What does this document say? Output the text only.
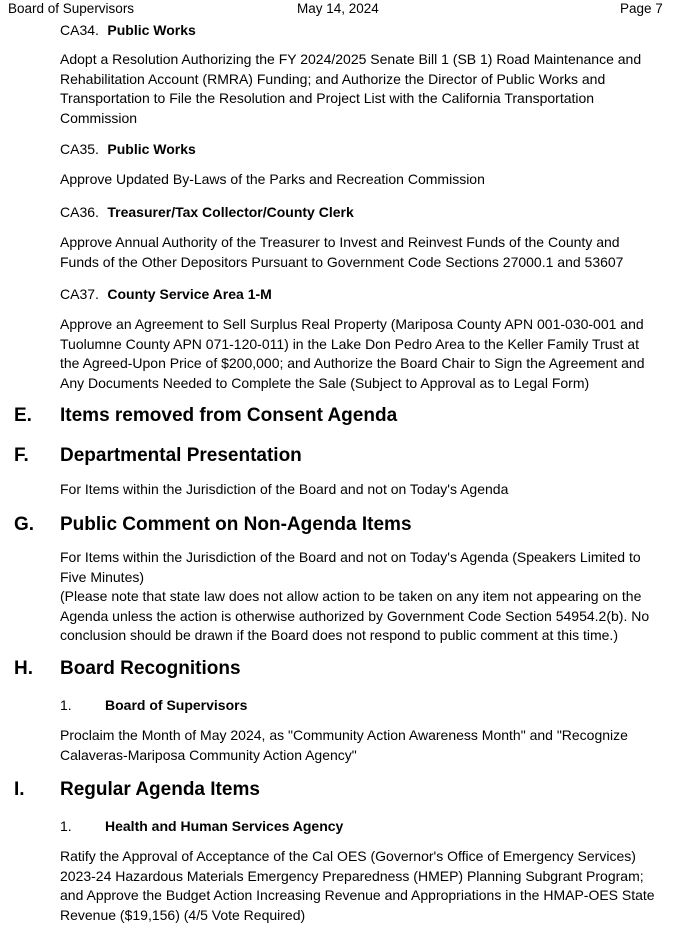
Board of Supervisors	May 14, 2024	Page 7
CA34. Public Works
Adopt a Resolution Authorizing the FY 2024/2025 Senate Bill 1 (SB 1) Road Maintenance and Rehabilitation Account (RMRA) Funding; and Authorize the Director of Public Works and Transportation to File the Resolution and Project List with the California Transportation Commission
CA35. Public Works
Approve Updated By-Laws of the Parks and Recreation Commission
CA36. Treasurer/Tax Collector/County Clerk
Approve Annual Authority of the Treasurer to Invest and Reinvest Funds of the County and Funds of the Other Depositors Pursuant to Government Code Sections 27000.1 and 53607
CA37. County Service Area 1-M
Approve an Agreement to Sell Surplus Real Property (Mariposa County APN 001-030-001 and Tuolumne County APN 071-120-011) in the Lake Don Pedro Area to the Keller Family Trust at the Agreed-Upon Price of $200,000; and Authorize the Board Chair to Sign the Agreement and Any Documents Needed to Complete the Sale (Subject to Approval as to Legal Form)
E. Items removed from Consent Agenda
F. Departmental Presentation
For Items within the Jurisdiction of the Board and not on Today's Agenda
G. Public Comment on Non-Agenda Items
For Items within the Jurisdiction of the Board and not on Today's Agenda (Speakers Limited to Five Minutes)
(Please note that state law does not allow action to be taken on any item not appearing on the Agenda unless the action is otherwise authorized by Government Code Section 54954.2(b). No conclusion should be drawn if the Board does not respond to public comment at this time.)
H. Board Recognitions
1. Board of Supervisors
Proclaim the Month of May 2024, as "Community Action Awareness Month" and "Recognize Calaveras-Mariposa Community Action Agency"
I. Regular Agenda Items
1. Health and Human Services Agency
Ratify the Approval of Acceptance of the Cal OES (Governor's Office of Emergency Services) 2023-24 Hazardous Materials Emergency Preparedness (HMEP) Planning Subgrant Program; and Approve the Budget Action Increasing Revenue and Appropriations in the HMAP-OES State Revenue ($19,156) (4/5 Vote Required)
